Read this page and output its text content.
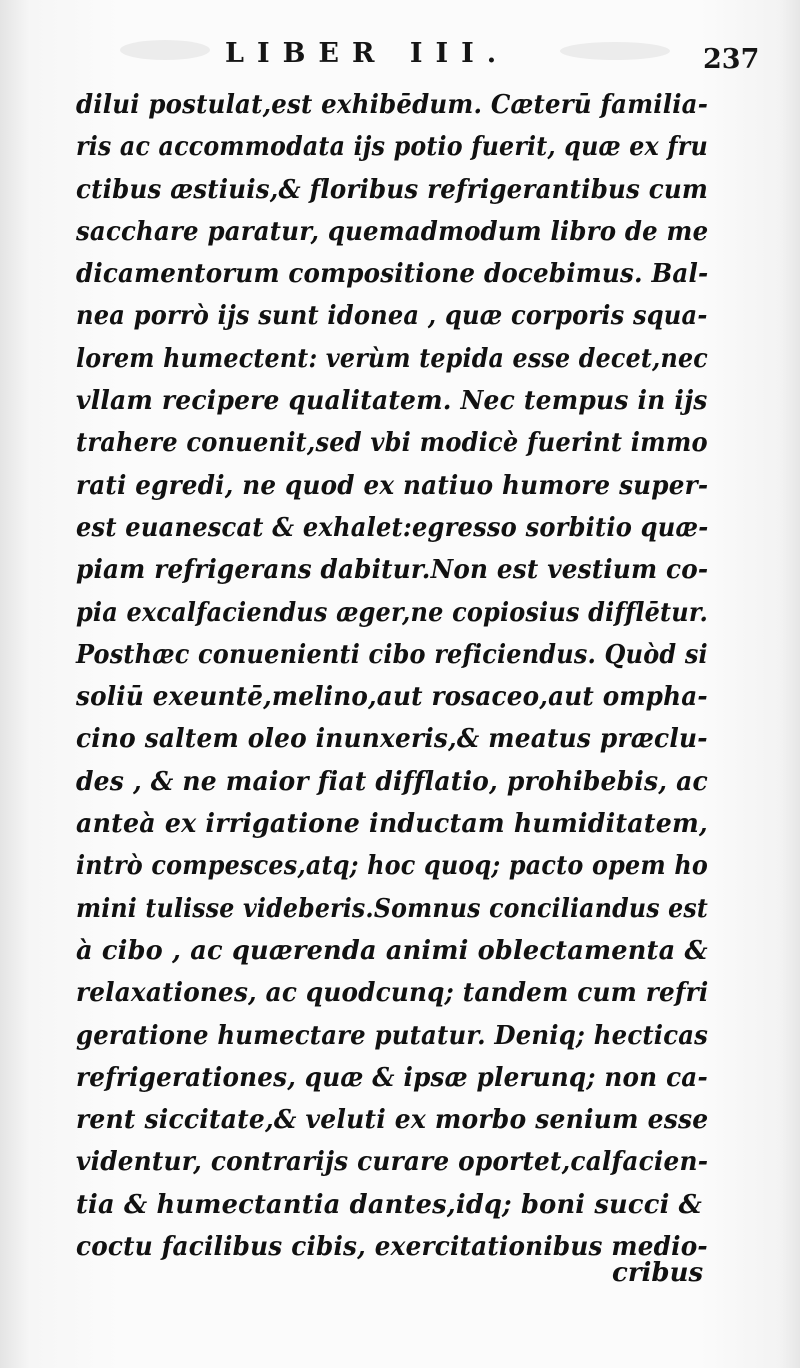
LIBER III.	237
dilui postulat,est exhibēdum. Cæterū familia-
ris ac accommodata ijs potio fuerit, quæ ex fru
ctibus æstiuis,& floribus refrigerantibus cum
sacchare paratur, quemadmodum libro de me
dicamentorum compositione docebimus. Bal-
nea porrò ijs sunt idonea , quæ corporis squa-
lorem humectent: verùm tepida esse decet,nec
vllam recipere qualitatem. Nec tempus in ijs
trahere conuenit,sed vbi modicè fuerint immo
rati egredi, ne quod ex natiuo humore super-
est euanescat & exhalet:egresso sorbitio quæ-
piam refrigerans dabitur.Non est vestium co-
pia excalfaciendus æger,ne copiosius difflētur.
Posthæc conuenienti cibo reficiendus. Quòd si
soliū exeuntē,melino,aut rosaceo,aut ompha-
cino saltem oleo inunxeris,& meatus præclu-
des , & ne maior fiat difflatio, prohibebis, ac
anteà ex irrigatione inductam humiditatem,
intrò compesces,atq; hoc quoq; pacto opem ho
mini tulisse videberis.Somnus conciliandus est
à cibo , ac quærenda animi oblectamenta &
relaxationes, ac quodcunq; tandem cum refri
geratione humectare putatur. Deniq; hecticas
refrigerationes, quæ & ipsæ plerunq; non ca-
rent siccitate,& veluti ex morbo senium esse
videntur, contrarijs curare oportet,calfacien-
tia & humectantia dantes,idq; boni succi &
coctu facilibus cibis, exercitationibus medio-
cribus
